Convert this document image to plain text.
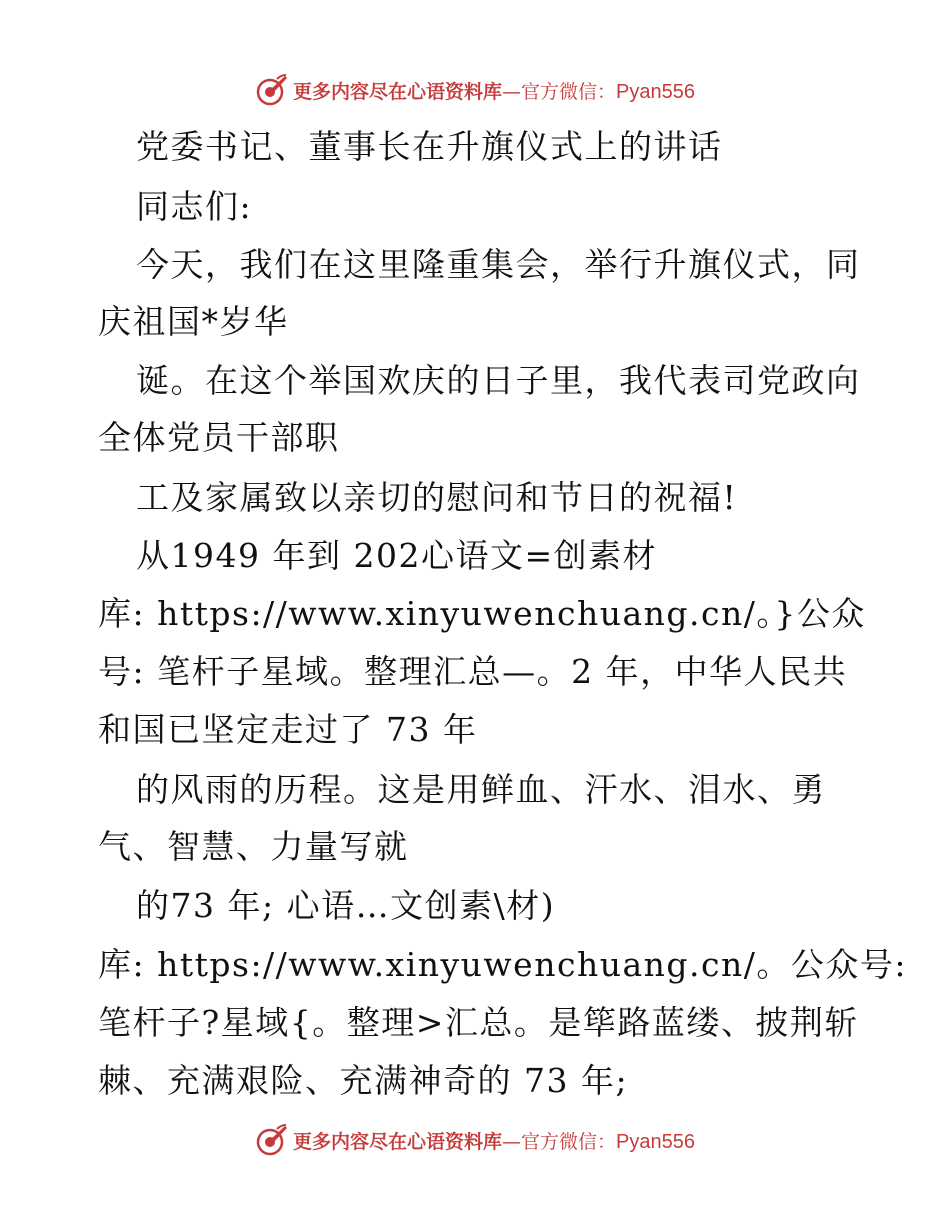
更多内容尽在心语资料库—官方微信：Pyan556
党委书记、董事长在升旗仪式上的讲话
同志们:
今天，我们在这里隆重集会，举行升旗仪式，同
庆祖国*岁华
诞。在这个举国欢庆的日子里，我代表司党政向
全体党员干部职
工及家属致以亲切的慰问和节日的祝福!
从1949 年到 202心语文=创素材
库: https://www.xinyuwenchuang.cn/。}公众
号: 笔杆子星域。整理汇总—。2 年，中华人民共
和国已坚定走过了 73 年
的风雨的历程。这是用鲜血、汗水、泪水、勇
气、智慧、力量写就
的73 年; 心语…文创素\材)
库: https://www.xinyuwenchuang.cn/。公众号:
笔杆子?星域{。整理>汇总。是筚路蓝缕、披荆斩
棘、充满艰险、充满神奇的 73 年;
更多内容尽在心语资料库—官方微信：Pyan556
